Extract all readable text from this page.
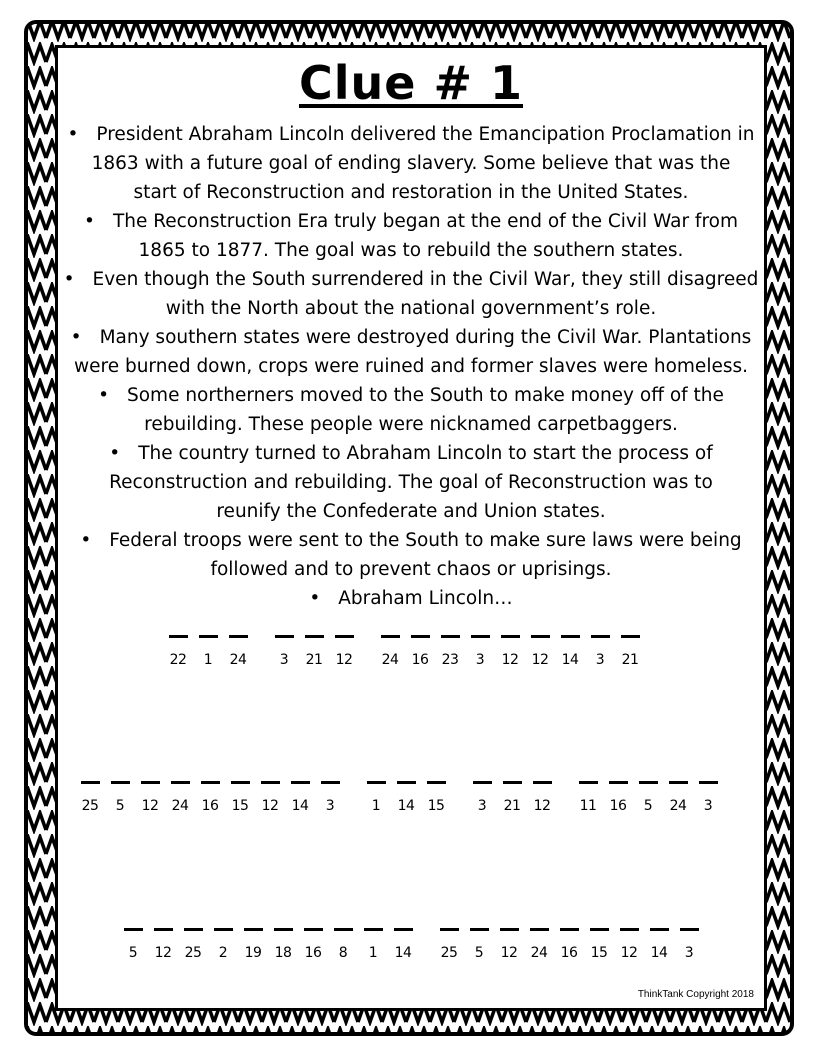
Clue # 1
• President Abraham Lincoln delivered the Emancipation Proclamation in
1863 with a future goal of ending slavery. Some believe that was the
start of Reconstruction and restoration in the United States.
• The Reconstruction Era truly began at the end of the Civil War from
1865 to 1877. The goal was to rebuild the southern states.
• Even though the South surrendered in the Civil War, they still disagreed
with the North about the national government’s role.
• Many southern states were destroyed during the Civil War. Plantations
were burned down, crops were ruined and former slaves were homeless.
• Some northerners moved to the South to make money off of the
rebuilding. These people were nicknamed carpetbaggers.
• The country turned to Abraham Lincoln to start the process of
Reconstruction and rebuilding. The goal of Reconstruction was to
reunify the Confederate and Union states.
• Federal troops were sent to the South to make sure laws were being
followed and to prevent chaos or uprisings.
• Abraham Lincoln…
22 1 24 3 21 12 24 16 23 3 12 12 14 3 21
25 5 12 24 16 15 12 14 3	1 14 15 3 21 12 11 16 5 24 3
5 12 25 2 19 18 16 8 1 14 25 5 12 24 16 15 12 14 3
ThinkTank Copyright 2018
